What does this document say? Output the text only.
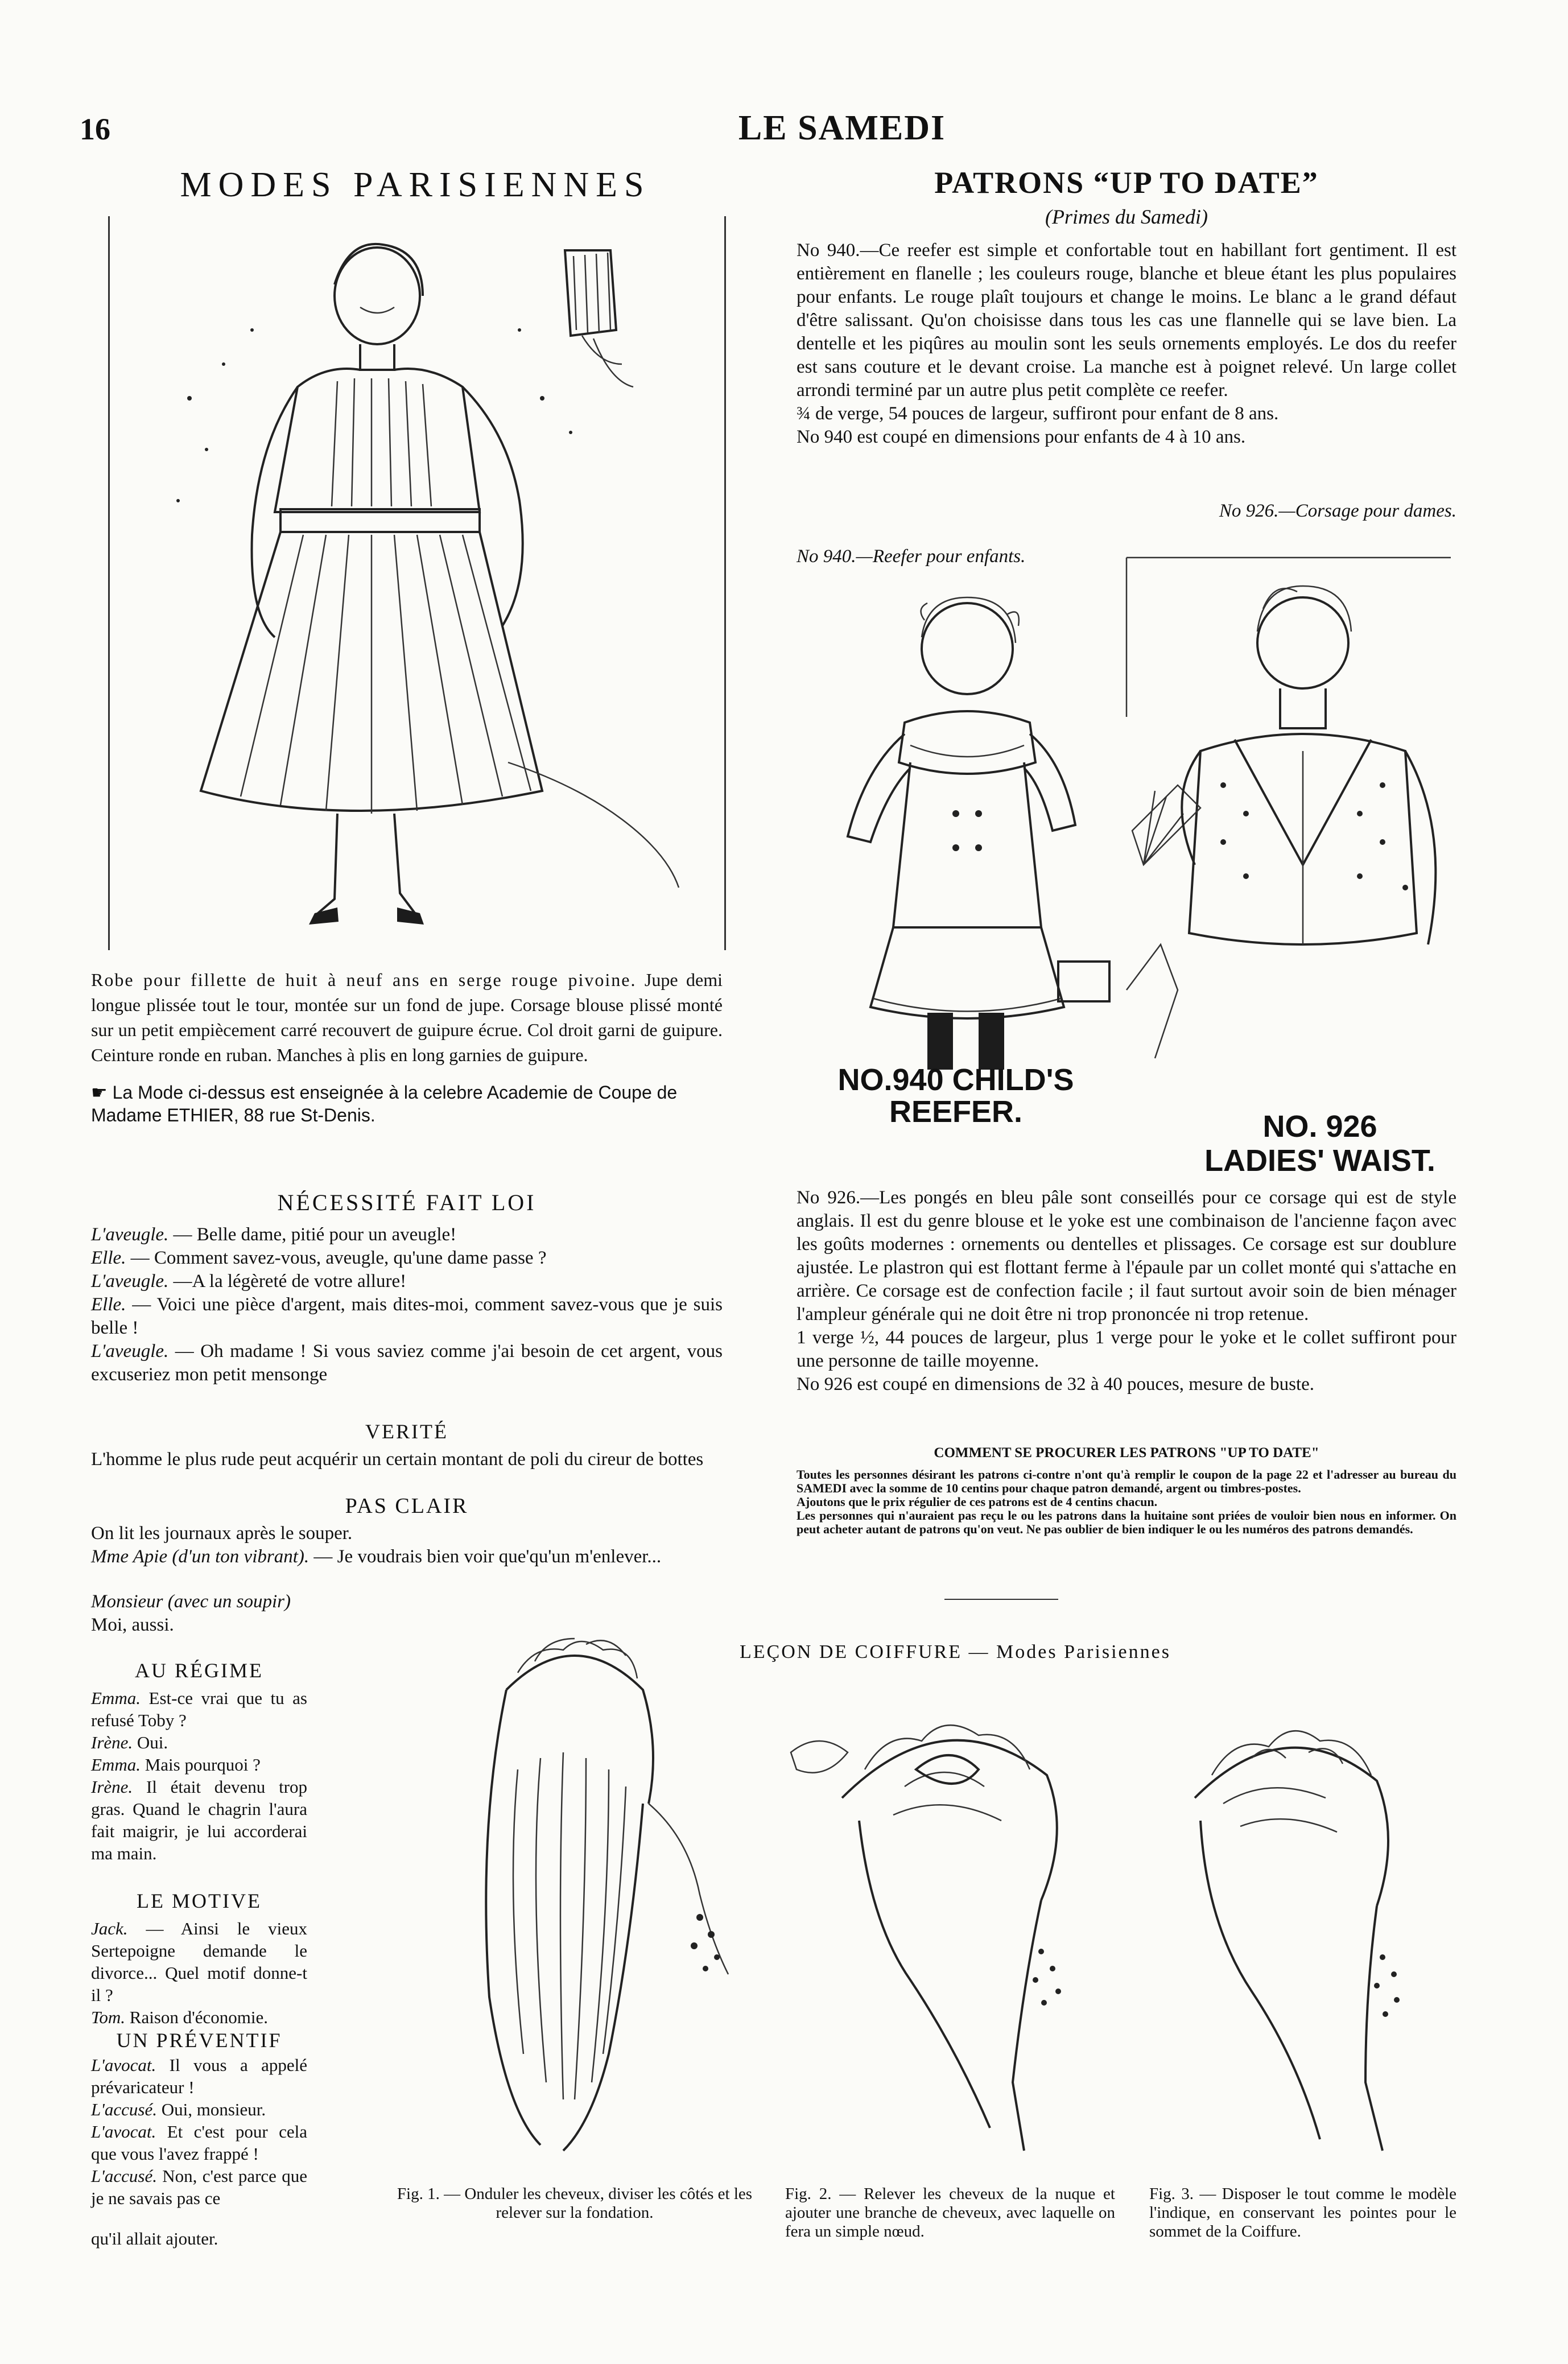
16	LE SAMEDI
MODES PARISIENNES
Robe pour fillette de huit à neuf ans en serge rouge pivoine. Jupe demi longue plissée tout le tour, montée sur un fond de jupe. Corsage blouse plissé monté sur un petit empiècement carré recouvert de guipure écrue. Col droit garni de guipure. Ceinture ronde en ruban. Manches à plis en long garnies de guipure.
☛ La Mode ci-dessus est enseignée à la celebre Academie de Coupe de Madame ETHIER, 88 rue St-Denis.
PATRONS “UP TO DATE”
(Primes du Samedi)

No 940.—Ce reefer est simple et confortable tout en habillant fort gentiment. Il est entièrement en flanelle ; les couleurs rouge, blanche et bleue étant les plus populaires pour enfants. Le rouge plaît toujours et change le moins. Le blanc a le grand défaut d'être salissant. Qu'on choisisse dans tous les cas une flannelle qui se lave bien. La dentelle et les piqûres au moulin sont les seuls ornements employés. Le dos du reefer est sans couture et le devant croise. La manche est à poignet relevé. Un large collet arrondi terminé par un autre plus petit complète ce reefer.

¾ de verge, 54 pouces de largeur, suffiront pour enfant de 8 ans.

No 940 est coupé en dimensions pour enfants de 4 à 10 ans.

No 926.—Corsage pour dames.
No 940.—Reefer pour enfants.
NO.940 CHILD'S
REEFER.	NO. 926
LADIES' WAIST.

No 926.—Les pongés en bleu pâle sont conseillés pour ce corsage qui est de style anglais. Il est du genre blouse et le yoke est une combinaison de l'ancienne façon avec les goûts modernes : ornements ou dentelles et plissages. Ce corsage est sur doublure ajustée. Le plastron qui est flottant ferme à l'épaule par un collet monté qui s'attache en arrière. Ce corsage est de confection facile ; il faut surtout avoir soin de bien ménager l'ampleur générale qui ne doit être ni trop prononcée ni trop retenue.

1 verge ½, 44 pouces de largeur, plus 1 verge pour le yoke et le collet suffiront pour une personne de taille moyenne.

No 926 est coupé en dimensions de 32 à 40 pouces, mesure de buste.

COMMENT SE PROCURER LES PATRONS "UP TO DATE"

Toutes les personnes désirant les patrons ci-contre n'ont qu'à remplir le coupon de la page 22 et l'adresser au bureau du SAMEDI avec la somme de 10 centins pour chaque patron demandé, argent ou timbres-postes.

Ajoutons que le prix régulier de ces patrons est de 4 centins chacun.

Les personnes qui n'auraient pas reçu le ou les patrons dans la huitaine sont priées de vouloir bien nous en informer. On peut acheter autant de patrons qu'on veut. Ne pas oublier de bien indiquer le ou les numéros des patrons demandés.

NÉCESSITÉ FAIT LOI

L'aveugle. — Belle dame, pitié pour un aveugle!

Elle. — Comment savez-vous, aveugle, qu'une dame passe ?

L'aveugle. —A la légèreté de votre allure!

Elle. — Voici une pièce d'argent, mais dites-moi, comment savez-vous que je suis belle !

L'aveugle. — Oh madame ! Si vous saviez comme j'ai besoin de cet argent, vous excuseriez mon petit mensonge

VERITÉ
L'homme le plus rude peut acquérir un certain montant de poli du cireur de bottes
PAS CLAIR

On lit les journaux après le souper.

Mme Apie (d'un ton vibrant). — Je voudrais bien voir que'qu'un m'enlever...

Monsieur (avec un soupir) Moi, aussi.
AU RÉGIME

Emma. Est-ce vrai que tu as refusé Toby ?

Irène. Oui.

Emma. Mais pourquoi ?

Irène. Il était devenu trop gras. Quand le chagrin l'aura fait maigrir, je lui accorderai ma main.

LE MOTIVE

Jack. — Ainsi le vieux Sertepoigne demande le divorce... Quel motif donne-t il ?

Tom. Raison d'économie.

UN PRÉVENTIF

L'avocat. Il vous a appelé prévaricateur !

L'accusé. Oui, monsieur.

L'avocat. Et c'est pour cela que vous l'avez frappé !

L'accusé. Non, c'est parce que je ne savais pas ce

qu'il allait ajouter.
LEÇON DE COIFFURE — Modes Parisiennes
Fig. 1. — Onduler les cheveux, diviser les côtés et les relever sur la fondation.
Fig. 2. — Relever les cheveux de la nuque et ajouter une branche de cheveux, avec laquelle on fera un simple nœud.
Fig. 3. — Disposer le tout comme le modèle l'indique, en conservant les pointes pour le sommet de la Coiffure.
